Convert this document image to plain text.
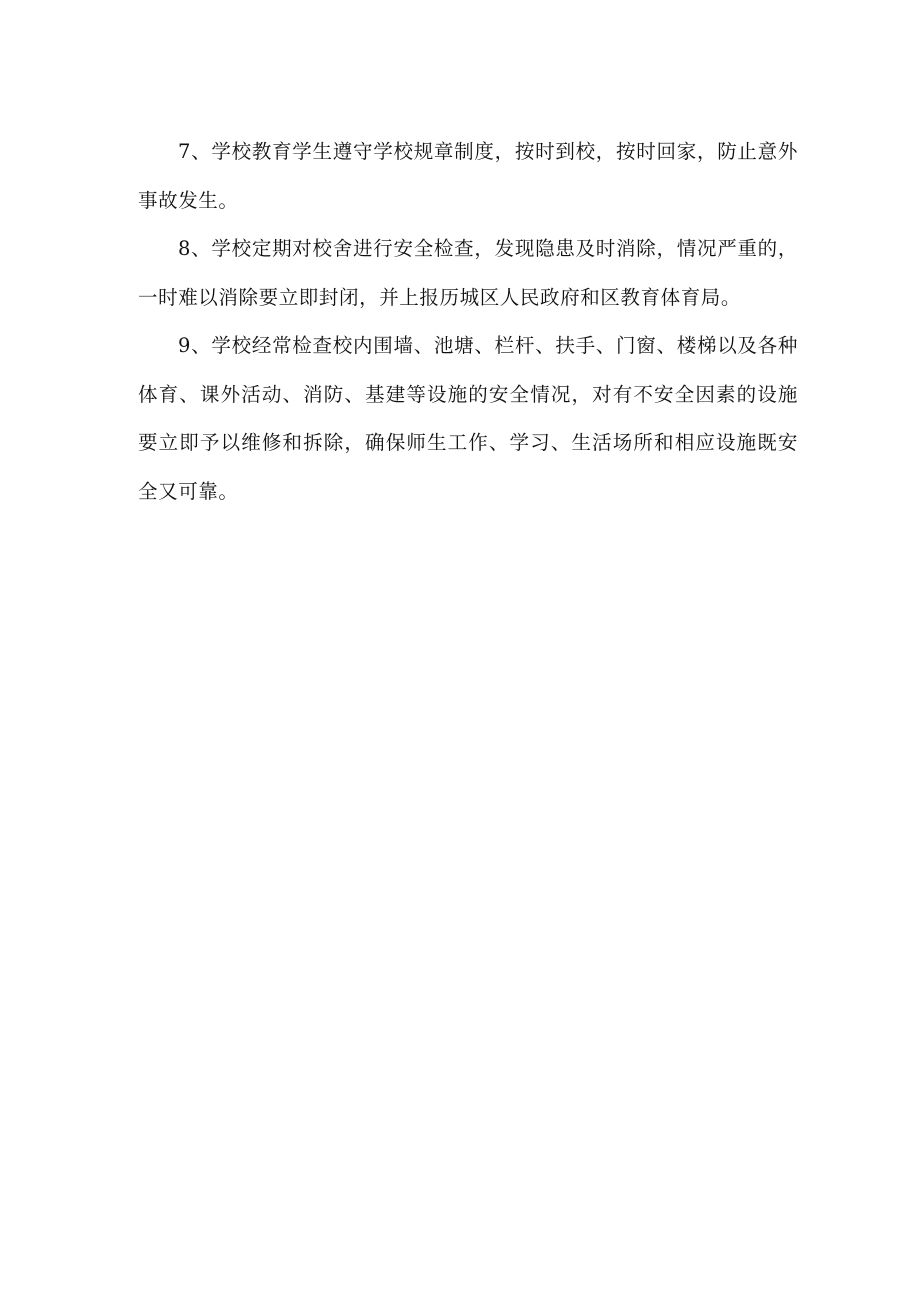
7、学校教育学生遵守学校规章制度，按时到校，按时回家，防止意外事故发生。

8、学校定期对校舍进行安全检查，发现隐患及时消除，情况严重的，一时难以消除要立即封闭，并上报历城区人民政府和区教育体育局。

9、学校经常检查校内围墙、池塘、栏杆、扶手、门窗、楼梯以及各种体育、课外活动、消防、基建等设施的安全情况，对有不安全因素的设施要立即予以维修和拆除，确保师生工作、学习、生活场所和相应设施既安全又可靠。
